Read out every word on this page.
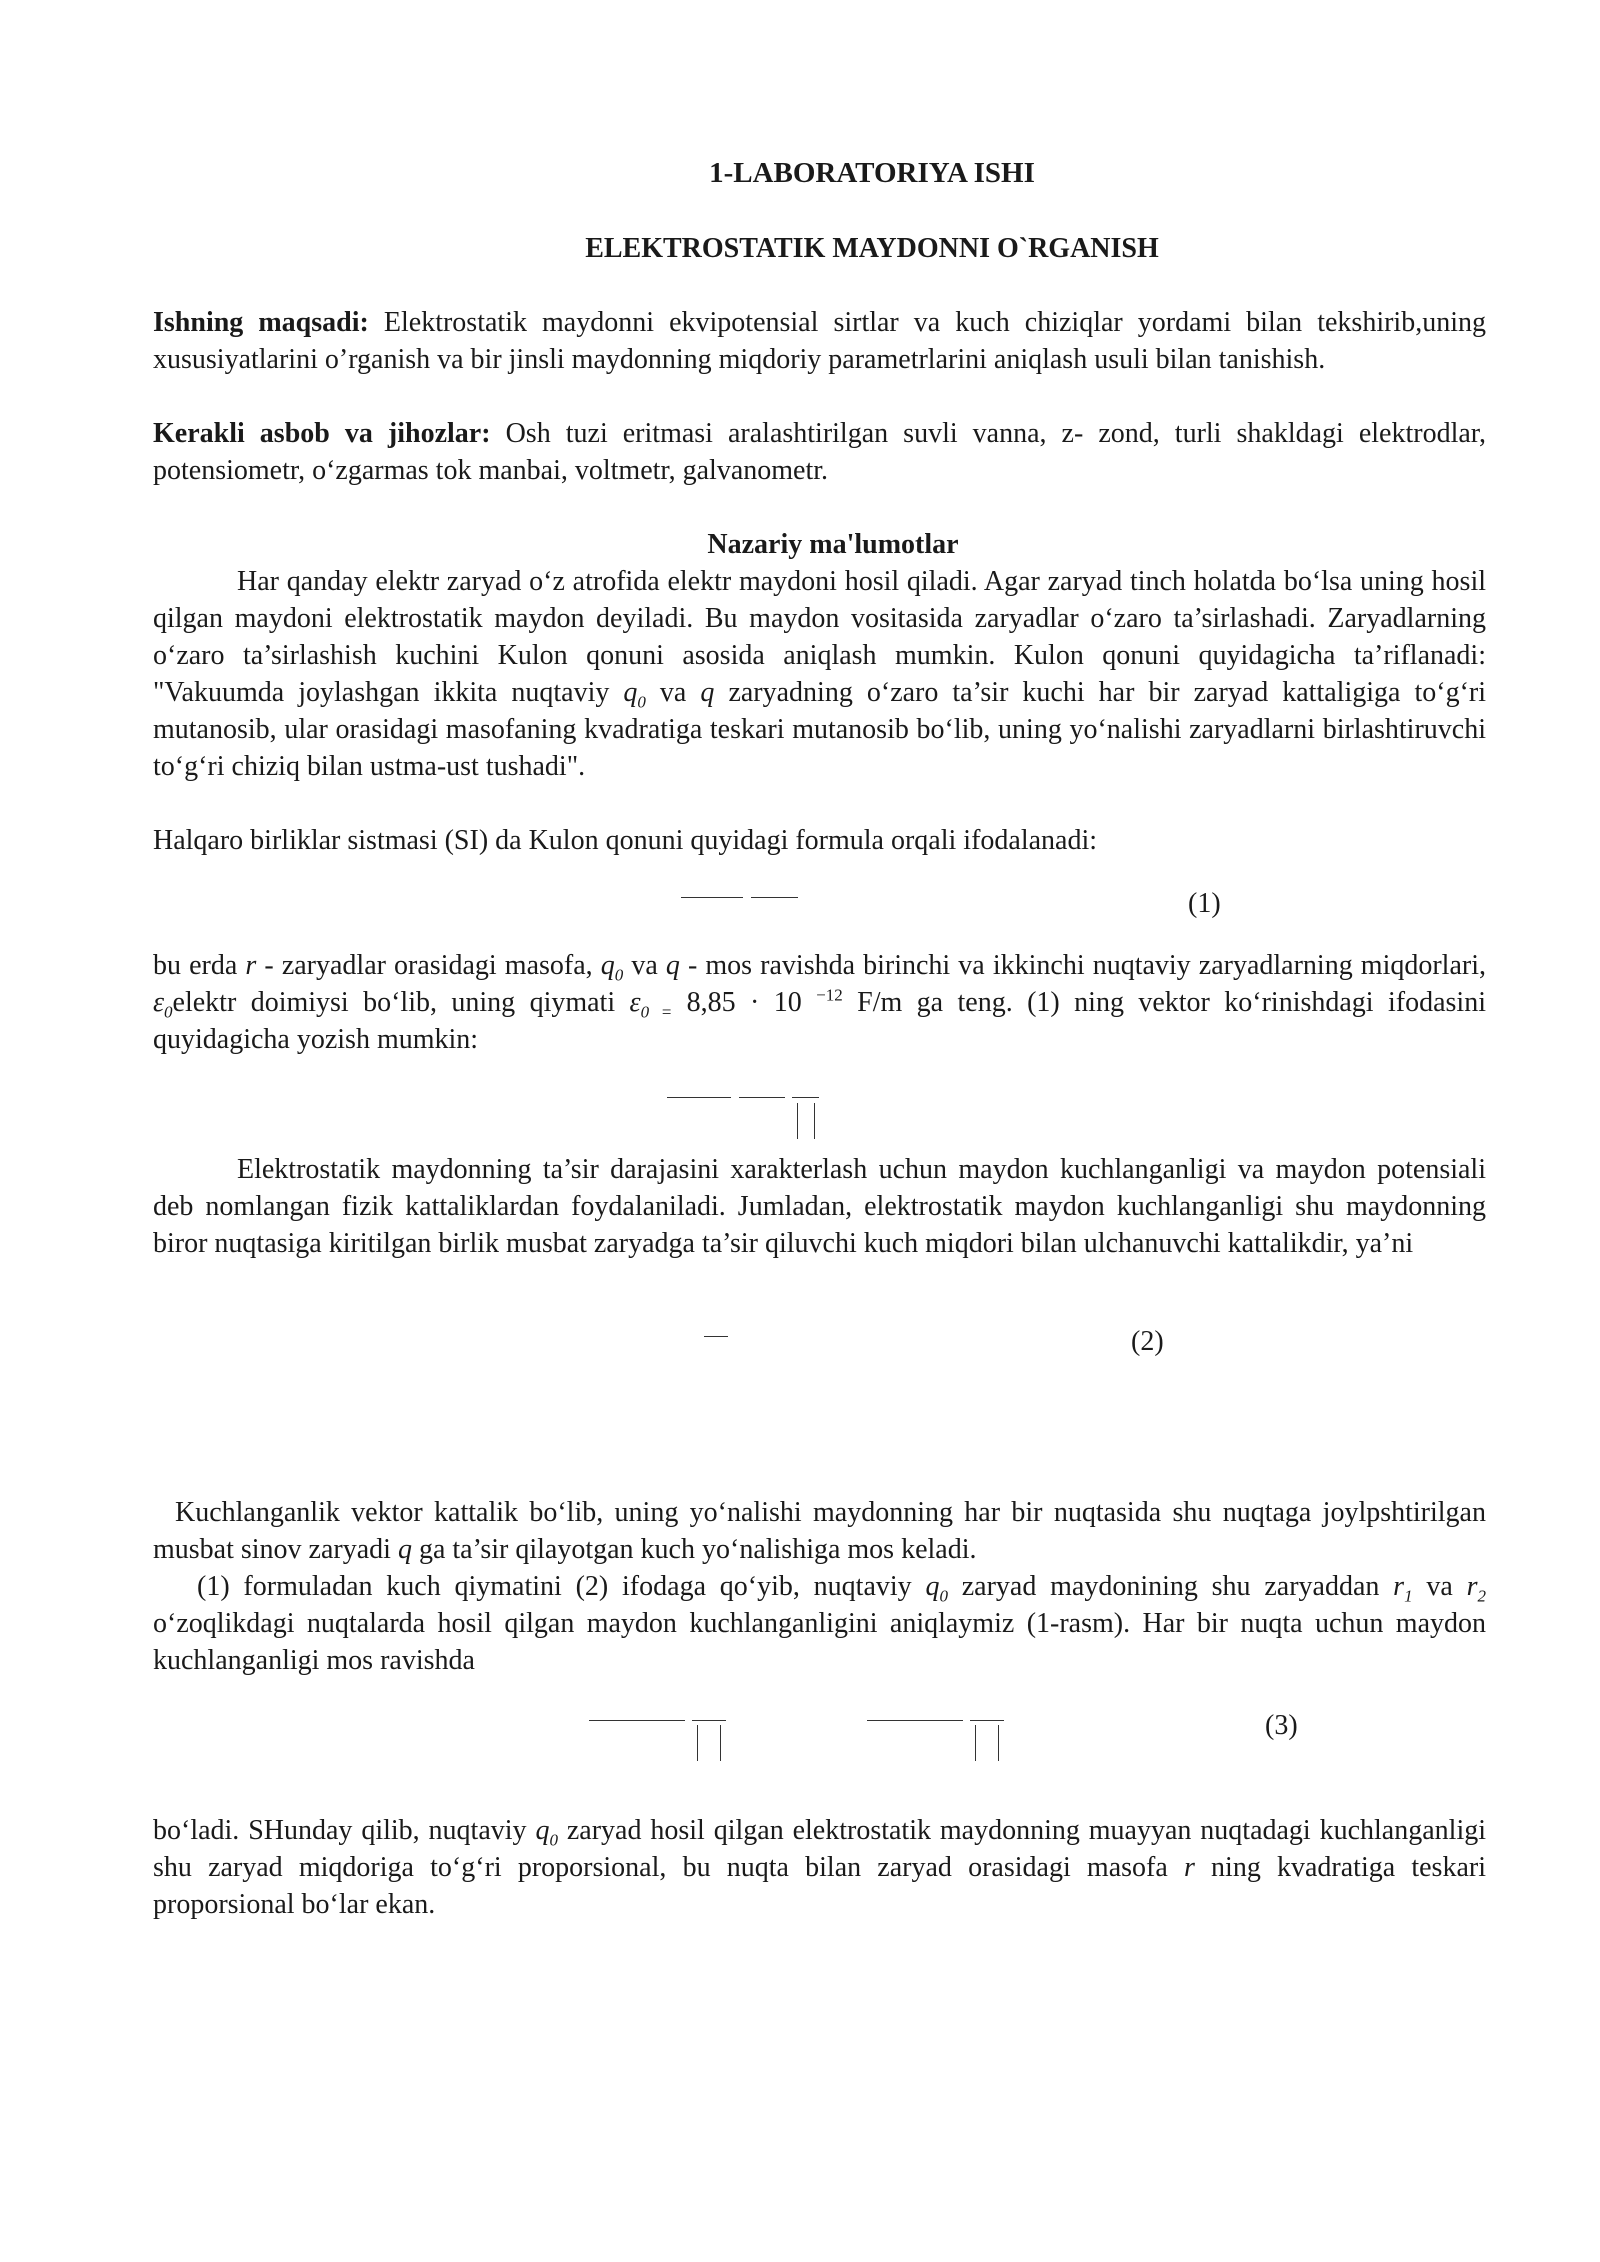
1-LABORATORIYA ISHI
ELEKTROSTATIK MAYDONNI O`RGANISH
Ishning maqsadi: Elektrostatik maydonni ekvipotensial sirtlar va kuch chiziqlar yordami bilan tekshirib,uning xususiyatlarini o’rganish va bir jinsli maydonning miqdoriy parametrlarini aniqlash usuli bilan tanishish.
Kerakli asbob va jihozlar: Osh tuzi eritmasi aralashtirilgan suvli vanna, z- zond, turli shakldagi elektrodlar, potensiometr, o‘zgarmas tok manbai, voltmetr, galvanometr.
Nazariy ma'lumotlar
Har qanday elektr zaryad o‘z atrofida elektr maydoni hosil qiladi. Agar zaryad tinch holatda bo‘lsa uning hosil qilgan maydoni elektrostatik maydon deyiladi. Bu maydon vositasida zaryadlar o‘zaro ta’sirlashadi. Zaryadlarning o‘zaro ta’sirlashish kuchini Kulon qonuni asosida aniqlash mumkin. Kulon qonuni quyidagicha ta’riflanadi: "Vakuumda joylashgan ikkita nuqtaviy $q_0$ va q zaryadning o‘zaro ta’sir kuchi har bir zaryad kattaligiga to‘g‘ri mutanosib, ular orasidagi masofaning kvadratiga teskari mutanosib bo‘lib, uning yo‘nalishi zaryadlarni birlashtiruvchi to‘g‘ri chiziq bilan ustma-ust tushadi".
Halqaro birliklar sistmasi (SI) da Kulon qonuni quyidagi formula orqali ifodalanadi:
(1)
bu erda r - zaryadlar orasidagi masofa, $q_0$ va q - mos ravishda birinchi va ikkinchi nuqtaviy zaryadlarning miqdorlari, $\varepsilon_0elektr$ doimiysi bo‘lib, uning qiymati $\varepsilon_{0 =}$ 8,85 · 10 $^{-12}$ F/m ga teng. (1) ning vektor ko‘rinishdagi ifodasini quyidagicha yozish mumkin:
Elektrostatik maydonning ta’sir darajasini xarakterlash uchun maydon kuchlanganligi va maydon potensiali deb nomlangan fizik kattaliklardan foydalaniladi. Jumladan, elektrostatik maydon kuchlanganligi shu maydonning biror nuqtasiga kiritilgan birlik musbat zaryadga ta’sir qiluvchi kuch miqdori bilan ulchanuvchi kattalikdir, ya’ni
(2)
Kuchlanganlik vektor kattalik bo‘lib, uning yo‘nalishi maydonning har bir nuqtasida shu nuqtaga joylpshtirilgan musbat sinov zaryadi q ga ta’sir qilayotgan kuch yo‘nalishiga mos keladi.
(1) formuladan kuch qiymatini (2) ifodaga qo‘yib, nuqtaviy $q_0$ zaryad maydonining shu zaryaddan $r_1$ va $r_2$ o‘zoqlikdagi nuqtalarda hosil qilgan maydon kuchlanganligini aniqlaymiz (1-rasm). Har bir nuqta uchun maydon kuchlanganligi mos ravishda
(3)
bo‘ladi. SHunday qilib, nuqtaviy $q_0$ zaryad hosil qilgan elektrostatik maydonning muayyan nuqtadagi kuchlanganligi shu zaryad miqdoriga to‘g‘ri proporsional, bu nuqta bilan zaryad orasidagi masofa r ning kvadratiga teskari proporsional bo‘lar ekan.
